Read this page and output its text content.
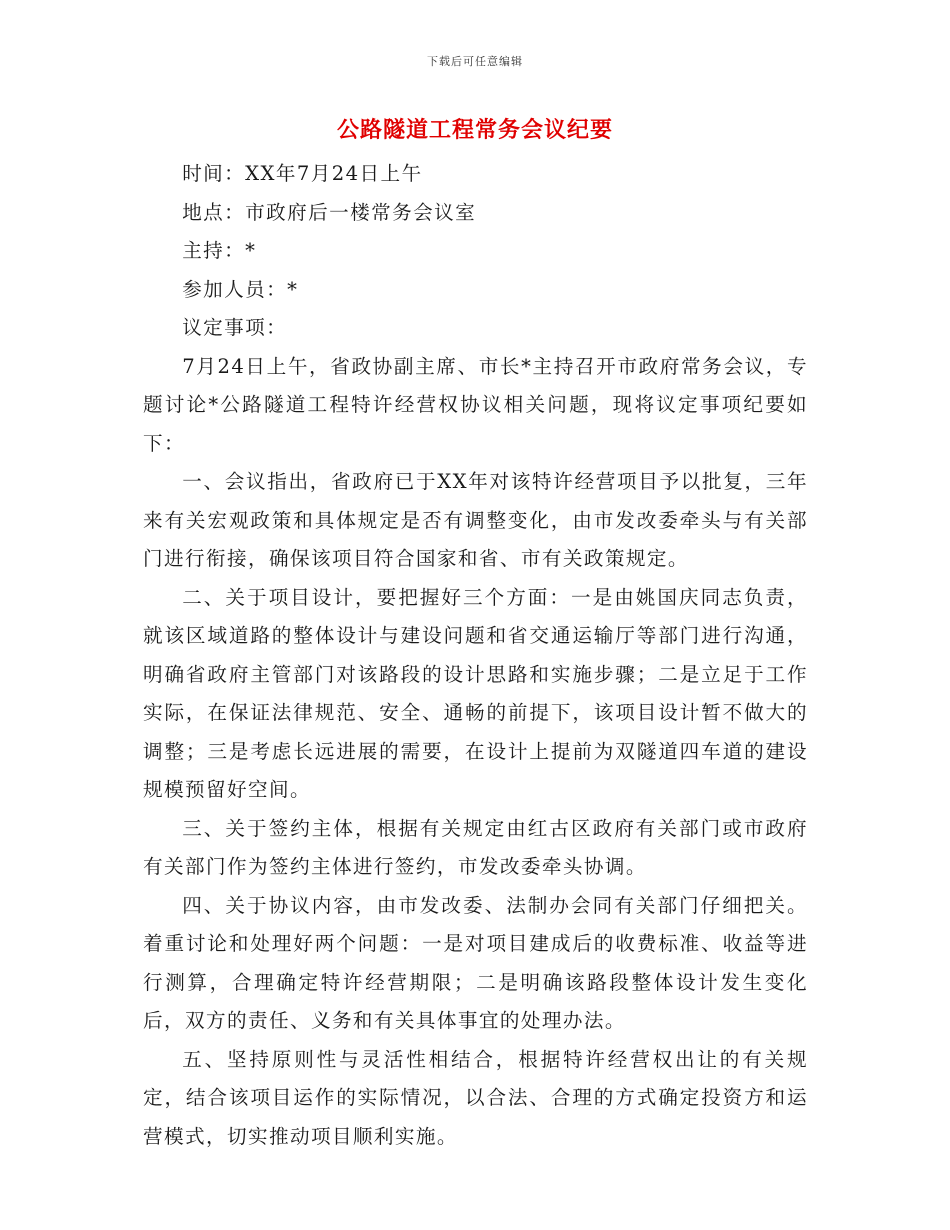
下载后可任意编辑
公路隧道工程常务会议纪要

时间：XX年7月24日上午

地点：市政府后一楼常务会议室

主持：*

参加人员：*

议定事项：

7月24日上午，省政协副主席、市长*主持召开市政府常务会议，专题讨论*公路隧道工程特许经营权协议相关问题，现将议定事项纪要如下：

一、会议指出，省政府已于XX年对该特许经营项目予以批复，三年来有关宏观政策和具体规定是否有调整变化，由市发改委牵头与有关部门进行衔接，确保该项目符合国家和省、市有关政策规定。

二、关于项目设计，要把握好三个方面：一是由姚国庆同志负责，就该区域道路的整体设计与建设问题和省交通运输厅等部门进行沟通，明确省政府主管部门对该路段的设计思路和实施步骤；二是立足于工作实际，在保证法律规范、安全、通畅的前提下，该项目设计暂不做大的调整；三是考虑长远进展的需要，在设计上提前为双隧道四车道的建设规模预留好空间。

三、关于签约主体，根据有关规定由红古区政府有关部门或市政府有关部门作为签约主体进行签约，市发改委牵头协调。

四、关于协议内容，由市发改委、法制办会同有关部门仔细把关。着重讨论和处理好两个问题：一是对项目建成后的收费标准、收益等进行测算，合理确定特许经营期限；二是明确该路段整体设计发生变化后，双方的责任、义务和有关具体事宜的处理办法。

五、坚持原则性与灵活性相结合，根据特许经营权出让的有关规定，结合该项目运作的实际情况，以合法、合理的方式确定投资方和运营模式，切实推动项目顺利实施。
